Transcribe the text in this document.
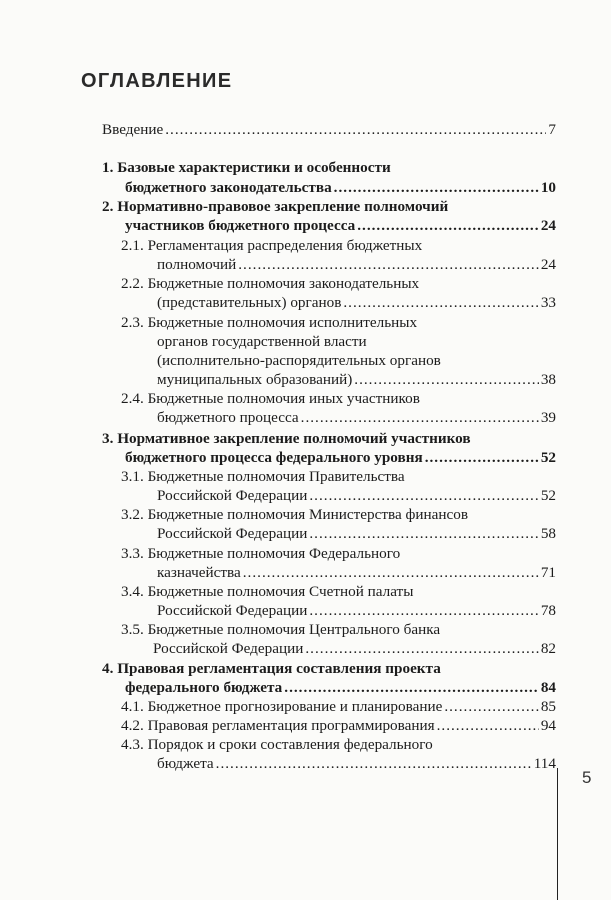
ОГЛАВЛЕНИЕ
Введение .....	7
1. Базовые характеристики и особенности
бюджетного законодательства .....	10
2. Нормативно-правовое закрепление полномочий
участников бюджетного процесса .....	24
2.1. Регламентация распределения бюджетных
полномочий .....	24
2.2. Бюджетные полномочия законодательных
(представительных) органов .....	33
2.3. Бюджетные полномочия исполнительных
органов государственной власти
(исполнительно-распорядительных органов
муниципальных образований) .....	38
2.4. Бюджетные полномочия иных участников
бюджетного процесса .....	39
3. Нормативное закрепление полномочий участников
бюджетного процесса федерального уровня .....	52
3.1. Бюджетные полномочия Правительства
Российской Федерации .....	52
3.2. Бюджетные полномочия Министерства финансов
Российской Федерации .....	58
3.3. Бюджетные полномочия Федерального
казначейства .....	71
3.4. Бюджетные полномочия Счетной палаты
Российской Федерации .....	78
3.5. Бюджетные полномочия Центрального банка
Российской Федерации .....	82
4. Правовая регламентация составления проекта
федерального бюджета .....	84
4.1. Бюджетное прогнозирование и планирование .....	85
4.2. Правовая регламентация программирования .....	94
4.3. Порядок и сроки составления федерального
бюджета .....	114
5
